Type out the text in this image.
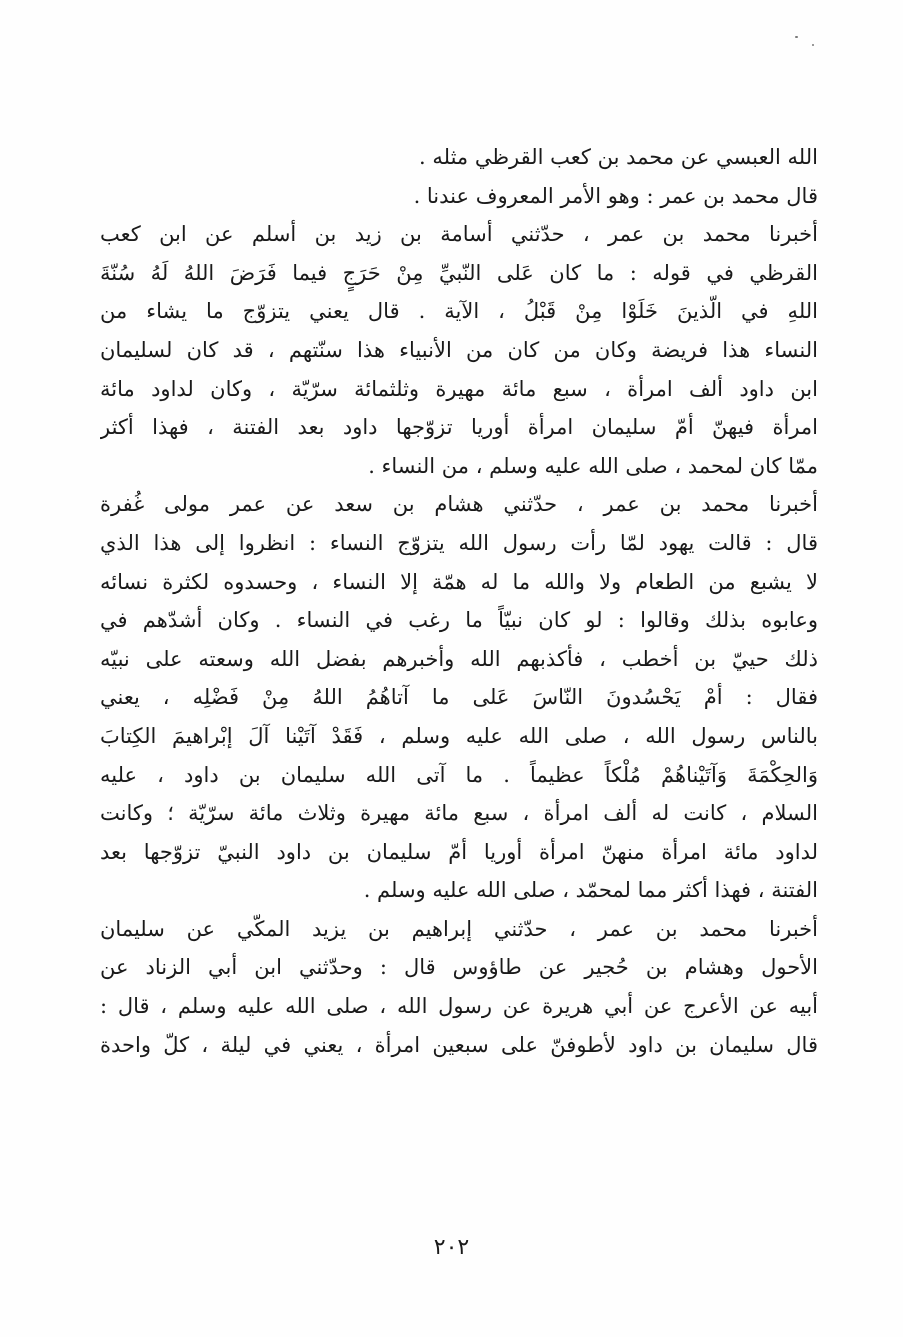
الله العبسي عن محمد بن كعب القرظي مثله .
قال محمد بن عمر : وهو الأمر المعروف عندنا .
أخبرنا محمد بن عمر ، حدّثني أسامة بن زيد بن أسلم عن ابن كعب
القرظي في قوله : ما كان عَلى النّبيِّ مِنْ حَرَجٍ فيما فَرَضَ اللهُ لَهُ سُنّةَ
اللهِ في الّذينَ خَلَوْا مِنْ قَبْلُ ، الآية . قال يعني يتزوّج ما يشاء من
النساء هذا فريضة وكان من كان من الأنبياء هذا سنّتهم ، قد كان لسليمان
ابن داود ألف امرأة ، سبع مائة مهيرة وثلثمائة سرّيّة ، وكان لداود مائة
امرأة فيهنّ أمّ سليمان امرأة أوريا تزوّجها داود بعد الفتنة ، فهذا أكثر
ممّا كان لمحمد ، صلى الله عليه وسلم ، من النساء .
أخبرنا محمد بن عمر ، حدّثني هشام بن سعد عن عمر مولى غُفرة
قال : قالت يهود لمّا رأت رسول الله يتزوّج النساء : انظروا إلى هذا الذي
لا يشبع من الطعام ولا والله ما له همّة إلا النساء ، وحسدوه لكثرة نسائه
وعابوه بذلك وقالوا : لو كان نبيّاً ما رغب في النساء . وكان أشدّهم في
ذلك حييّ بن أخطب ، فأكذبهم الله وأخبرهم بفضل الله وسعته على نبيّه
فقال : أمْ يَحْسُدونَ النّاسَ عَلى ما آتاهُمُ اللهُ مِنْ فَضْلِه ، يعني
بالناس رسول الله ، صلى الله عليه وسلم ، فَقَدْ آتَيْنا آلَ إبْراهيمَ الكِتابَ
وَالحِكْمَةَ وَآتَيْناهُمْ مُلْكاً عظيماً . ما آتى الله سليمان بن داود ، عليه
السلام ، كانت له ألف امرأة ، سبع مائة مهيرة وثلاث مائة سرّيّة ؛ وكانت
لداود مائة امرأة منهنّ امرأة أوريا أمّ سليمان بن داود النبيّ تزوّجها بعد
الفتنة ، فهذا أكثر مما لمحمّد ، صلى الله عليه وسلم .
أخبرنا محمد بن عمر ، حدّثني إبراهيم بن يزيد المكّي عن سليمان
الأحول وهشام بن حُجير عن طاؤوس قال : وحدّثني ابن أبي الزناد عن
أبيه عن الأعرج عن أبي هريرة عن رسول الله ، صلى الله عليه وسلم ، قال :
قال سليمان بن داود لأطوفنّ على سبعين امرأة ، يعني في ليلة ، كلّ واحدة
٢٠٢
